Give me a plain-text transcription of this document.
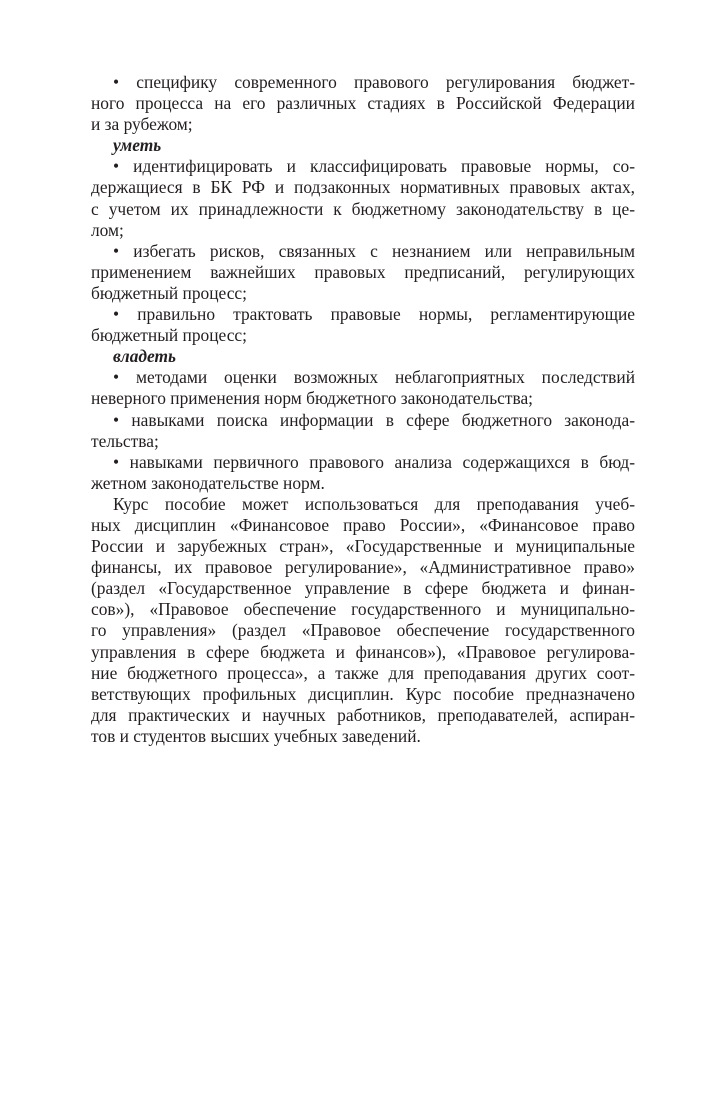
• специфику современного правового регулирования бюджет-
ного процесса на его различных стадиях в Российской Федерации
и за рубежом;
уметь
• идентифицировать и классифицировать правовые нормы, со-
держащиеся в БК РФ и подзаконных нормативных правовых актах,
с учетом их принадлежности к бюджетному законодательству в це-
лом;
• избегать рисков, связанных с незнанием или неправильным
применением важнейших правовых предписаний, регулирующих
бюджетный процесс;
• правильно трактовать правовые нормы, регламентирующие
бюджетный процесс;
владеть
• методами оценки возможных неблагоприятных последствий
неверного применения норм бюджетного законодательства;
• навыками поиска информации в сфере бюджетного законода-
тельства;
• навыками первичного правового анализа содержащихся в бюд-
жетном законодательстве норм.
Курс пособие может использоваться для преподавания учеб-
ных дисциплин «Финансовое право России», «Финансовое право
России и зарубежных стран», «Государственные и муниципальные
финансы, их правовое регулирование», «Административное право»
(раздел «Государственное управление в сфере бюджета и финан-
сов»), «Правовое обеспечение государственного и муниципально-
го управления» (раздел «Правовое обеспечение государственного
управления в сфере бюджета и финансов»), «Правовое регулирова-
ние бюджетного процесса», а также для преподавания других соот-
ветствующих профильных дисциплин. Курс пособие предназначено
для практических и научных работников, преподавателей, аспиран-
тов и студентов высших учебных заведений.
